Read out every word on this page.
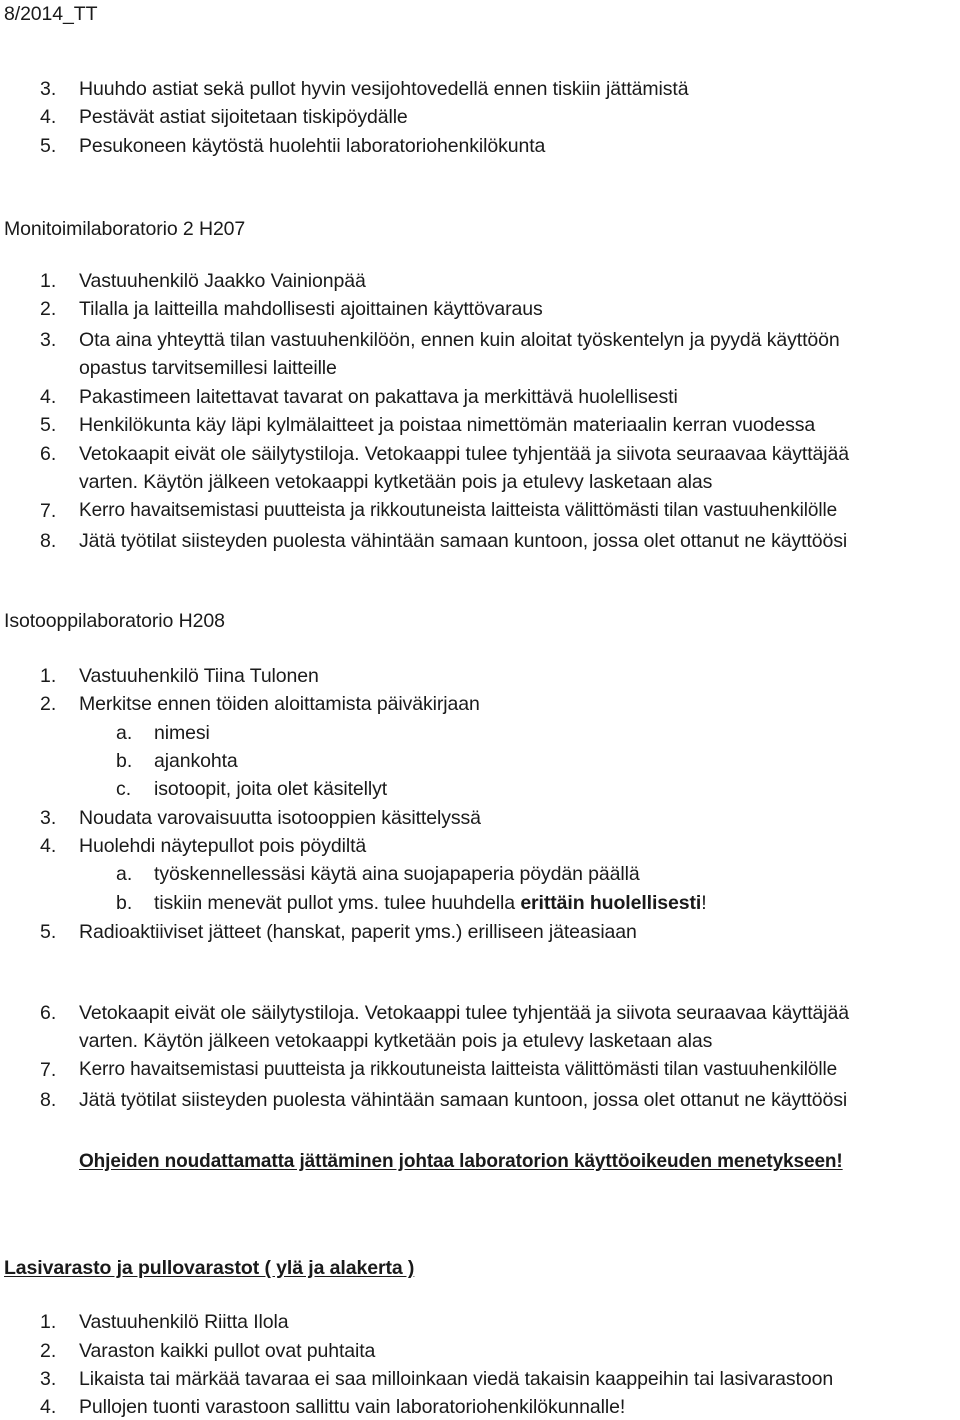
8/2014_TT
3. Huuhdo astiat sekä pullot hyvin vesijohtovedellä ennen tiskiin jättämistä
4. Pestävät astiat sijoitetaan tiskipöydälle
5. Pesukoneen käytöstä huolehtii laboratoriohenkilökunta
Monitoimilaboratorio 2 H207
1. Vastuuhenkilö Jaakko Vainionpää
2. Tilalla ja laitteilla mahdollisesti ajoittainen käyttövaraus
3. Ota aina yhteyttä tilan vastuuhenkilöön, ennen kuin aloitat työskentelyn ja pyydä käyttöön
opastus tarvitsemillesi laitteille
4. Pakastimeen laitettavat tavarat on pakattava ja merkittävä huolellisesti
5. Henkilökunta käy läpi kylmälaitteet ja poistaa nimettömän materiaalin kerran vuodessa
6. Vetokaapit eivät ole säilytystiloja. Vetokaappi tulee tyhjentää ja siivota seuraavaa käyttäjää
varten. Käytön jälkeen vetokaappi kytketään pois ja etulevy lasketaan alas
7. Kerro havaitsemistasi puutteista ja rikkoutuneista laitteista välittömästi tilan vastuuhenkilölle
8. Jätä työtilat siisteyden puolesta vähintään samaan kuntoon, jossa olet ottanut ne käyttöösi
Isotooppilaboratorio H208
1. Vastuuhenkilö Tiina Tulonen
2. Merkitse ennen töiden aloittamista päiväkirjaan
a. nimesi
b. ajankohta
c. isotoopit, joita olet käsitellyt
3. Noudata varovaisuutta isotooppien käsittelyssä
4. Huolehdi näytepullot pois pöydiltä
a. työskennellessäsi käytä aina suojapaperia pöydän päällä
b. tiskiin menevät pullot yms. tulee huuhdella erittäin huolellisesti!
5. Radioaktiiviset jätteet (hanskat, paperit yms.) erilliseen jäteasiaan
6. Vetokaapit eivät ole säilytystiloja. Vetokaappi tulee tyhjentää ja siivota seuraavaa käyttäjää
varten. Käytön jälkeen vetokaappi kytketään pois ja etulevy lasketaan alas
7. Kerro havaitsemistasi puutteista ja rikkoutuneista laitteista välittömästi tilan vastuuhenkilölle
8. Jätä työtilat siisteyden puolesta vähintään samaan kuntoon, jossa olet ottanut ne käyttöösi
Ohjeiden noudattamatta jättäminen johtaa laboratorion käyttöoikeuden menetykseen!
Lasivarasto ja pullovarastot ( ylä ja alakerta )
1. Vastuuhenkilö Riitta Ilola
2. Varaston kaikki pullot ovat puhtaita
3. Likaista tai märkää tavaraa ei saa milloinkaan viedä takaisin kaappeihin tai lasivarastoon
4. Pullojen tuonti varastoon sallittu vain laboratoriohenkilökunnalle!
